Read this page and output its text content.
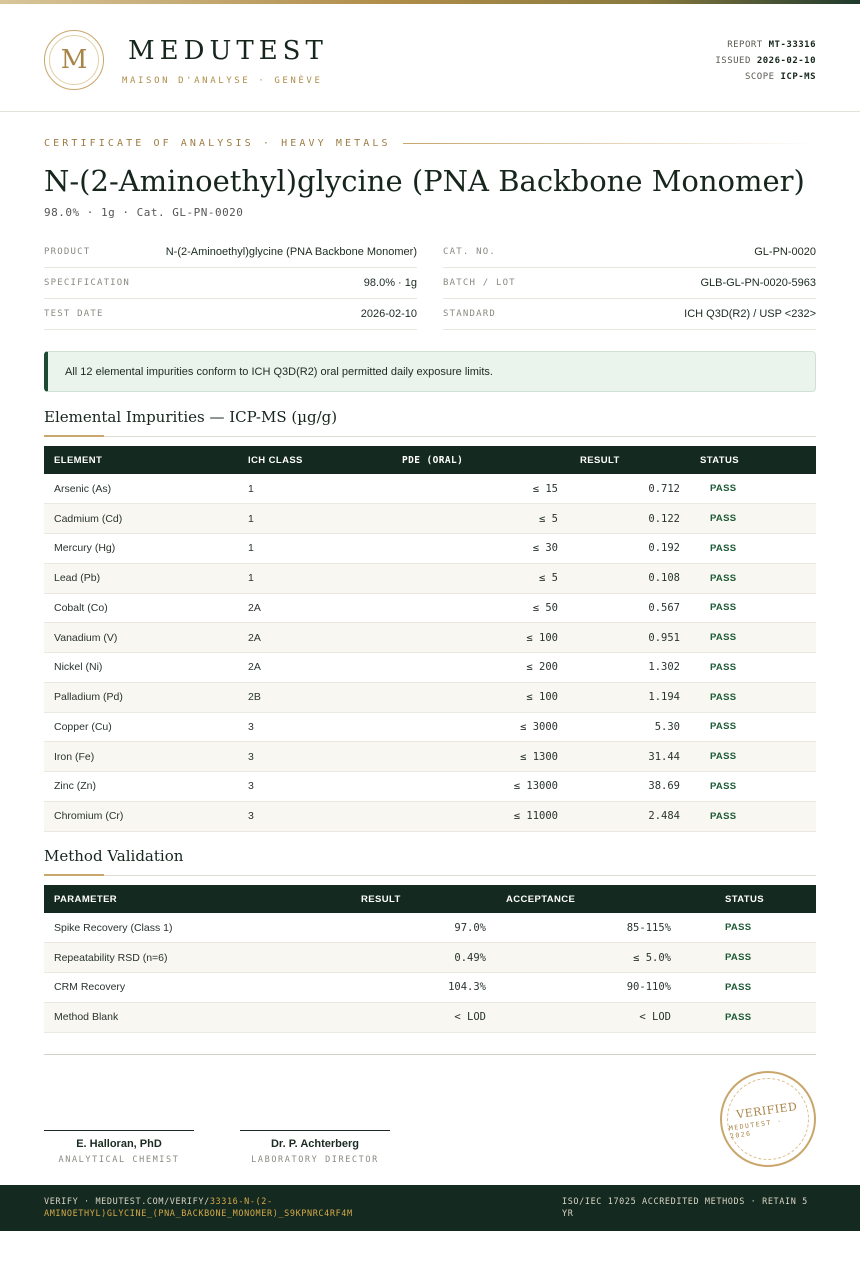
M	MEDUTEST
MAISON D'ANALYSE · GENÈVE
REPORT MT-33316
ISSUED 2026-02-10
SCOPE ICP-MS
CERTIFICATE OF ANALYSIS · HEAVY METALS
N-(2-Aminoethyl)glycine (PNA Backbone Monomer)
98.0% · 1g · Cat. GL-PN-0020
PRODUCT	N-(2-Aminoethyl)glycine (PNA Backbone Monomer)	CAT. NO.	GL-PN-0020
SPECIFICATION	98.0% · 1g	BATCH / LOT	GLB-GL-PN-0020-5963
TEST DATE	2026-02-10	STANDARD	ICH Q3D(R2) / USP <232>
All 12 elemental impurities conform to ICH Q3D(R2) oral permitted daily exposure limits.
Elemental Impurities — ICP-MS (µg/g)
ELEMENT	ICH CLASS	PDE (ORAL)	RESULT	STATUS
Arsenic (As)	1	≤ 15	0.712	PASS
Cadmium (Cd)	1	≤ 5	0.122	PASS
Mercury (Hg)	1	≤ 30	0.192	PASS
Lead (Pb)	1	≤ 5	0.108	PASS
Cobalt (Co)	2A	≤ 50	0.567	PASS
Vanadium (V)	2A	≤ 100	0.951	PASS
Nickel (Ni)	2A	≤ 200	1.302	PASS
Palladium (Pd)	2B	≤ 100	1.194	PASS
Copper (Cu)	3	≤ 3000	5.30	PASS
Iron (Fe)	3	≤ 1300	31.44	PASS
Zinc (Zn)	3	≤ 13000	38.69	PASS
Chromium (Cr)	3	≤ 11000	2.484	PASS
Method Validation
PARAMETER	RESULT	ACCEPTANCE	STATUS
Spike Recovery (Class 1)	97.0%	85-115%	PASS
Repeatability RSD (n=6)	0.49%	≤ 5.0%	PASS
CRM Recovery	104.3%	90-110%	PASS
Method Blank	< LOD	< LOD	PASS
E. Halloran, PhD
ANALYTICAL CHEMIST
Dr. P. Achterberg
LABORATORY DIRECTOR
VERIFIED
MEDUTEST · 2026
VERIFY · MEDUTEST.COM/VERIFY/33316-N-(2-AMINOETHYL)GLYCINE_(PNA_BACKBONE_MONOMER)_S9KPNRC4RF4M
ISO/IEC 17025 ACCREDITED METHODS · RETAIN 5 YR
